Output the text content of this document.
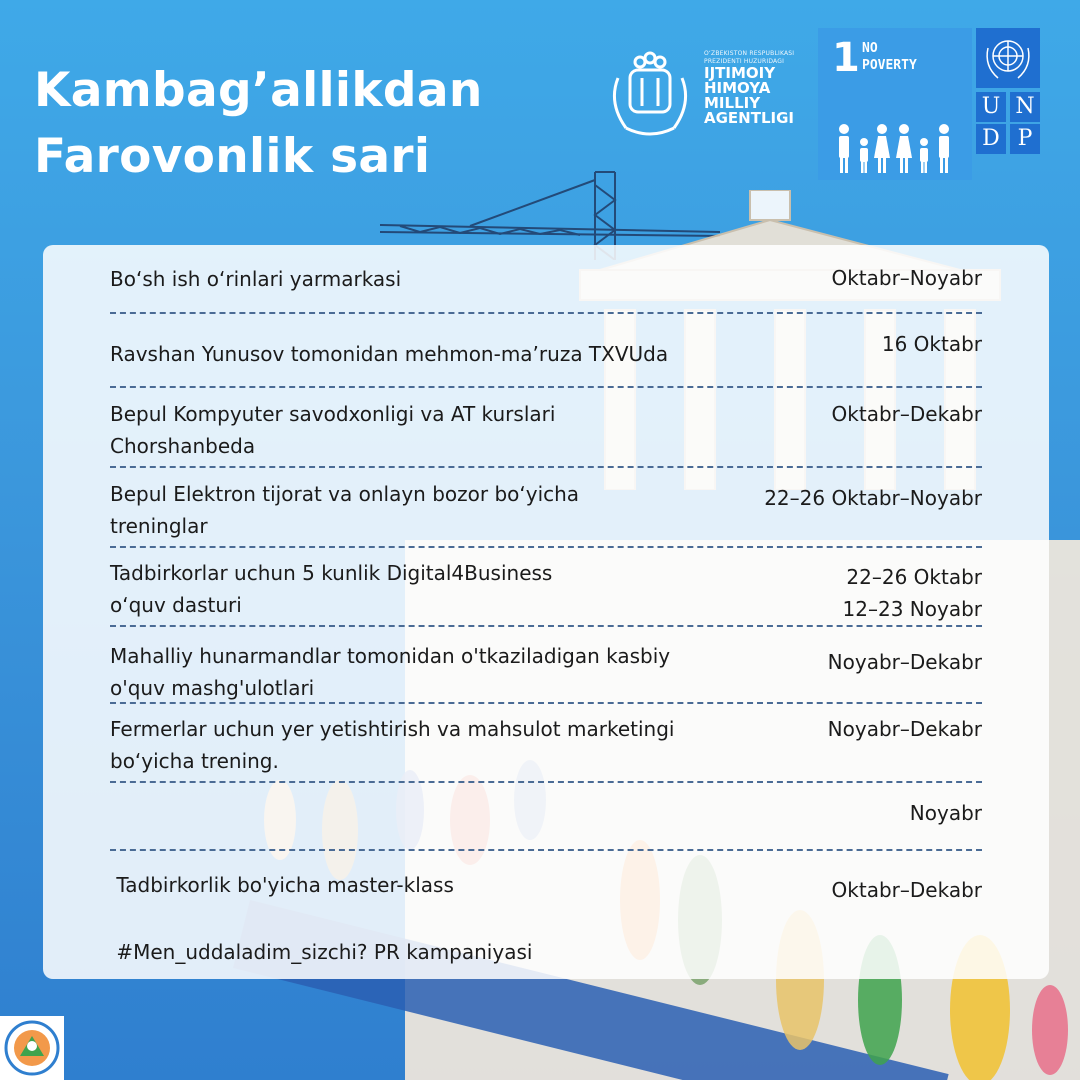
Kambag’allikdan
Farovonlik sari
O‘ZBEKISTON RESPUBLIKASI
PREZIDENTI HUZURIDAGI
IJTIMOIY
HIMOYA
MILLIY
AGENTLIGI
1 NO
POVERTY
U N
D P
Bo‘sh ish o‘rinlari yarmarkasi	Oktabr–Noyabr
Ravshan Yunusov tomonidan mehmon-ma’ruza TXVUda	16 Oktabr
Bepul Kompyuter savodxonligi va AT kurslari
Chorshanbeda
Oktabr–Dekabr
Bepul Elektron tijorat va onlayn bozor bo‘yicha
treninglar
22–26 Oktabr–Noyabr
Tadbirkorlar uchun 5 kunlik Digital4Business
o‘quv dasturi
22–26 Oktabr
12–23 Noyabr
Mahalliy hunarmandlar tomonidan o'tkaziladigan kasbiy
o'quv mashg'ulotlari
Noyabr–Dekabr
Fermerlar uchun yer yetishtirish va mahsulot marketingi
bo‘yicha trening.
Noyabr–Dekabr

Tadbirkorlik bo'yicha master-klass

Noyabr

#Men_uddaladim_sizchi? PR kampaniyasi

Oktabr–Dekabr
